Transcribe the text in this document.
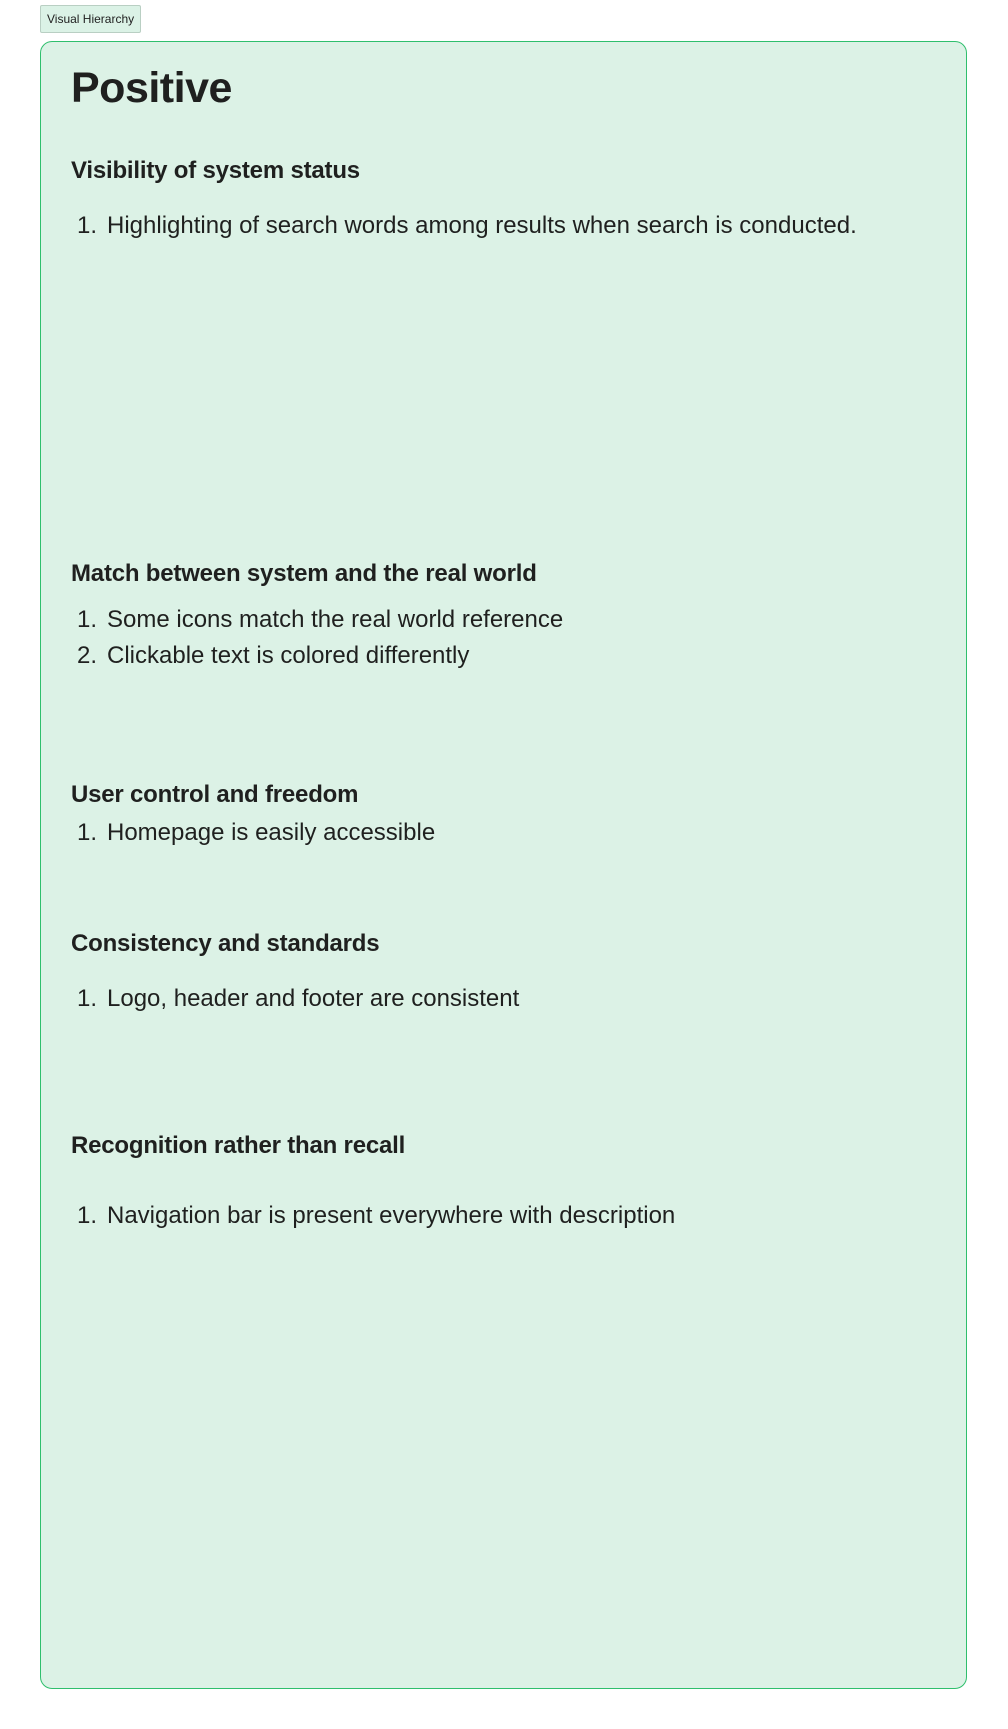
Visual Hierarchy
Positive
Visibility of system status
1. Highlighting of search words among results when search is conducted.
Match between system and the real world
1. Some icons match the real world reference
2. Clickable text is colored differently
User control and freedom
1. Homepage is easily accessible
Consistency and standards
1. Logo, header and footer are consistent
Recognition rather than recall
1. Navigation bar is present everywhere with description
